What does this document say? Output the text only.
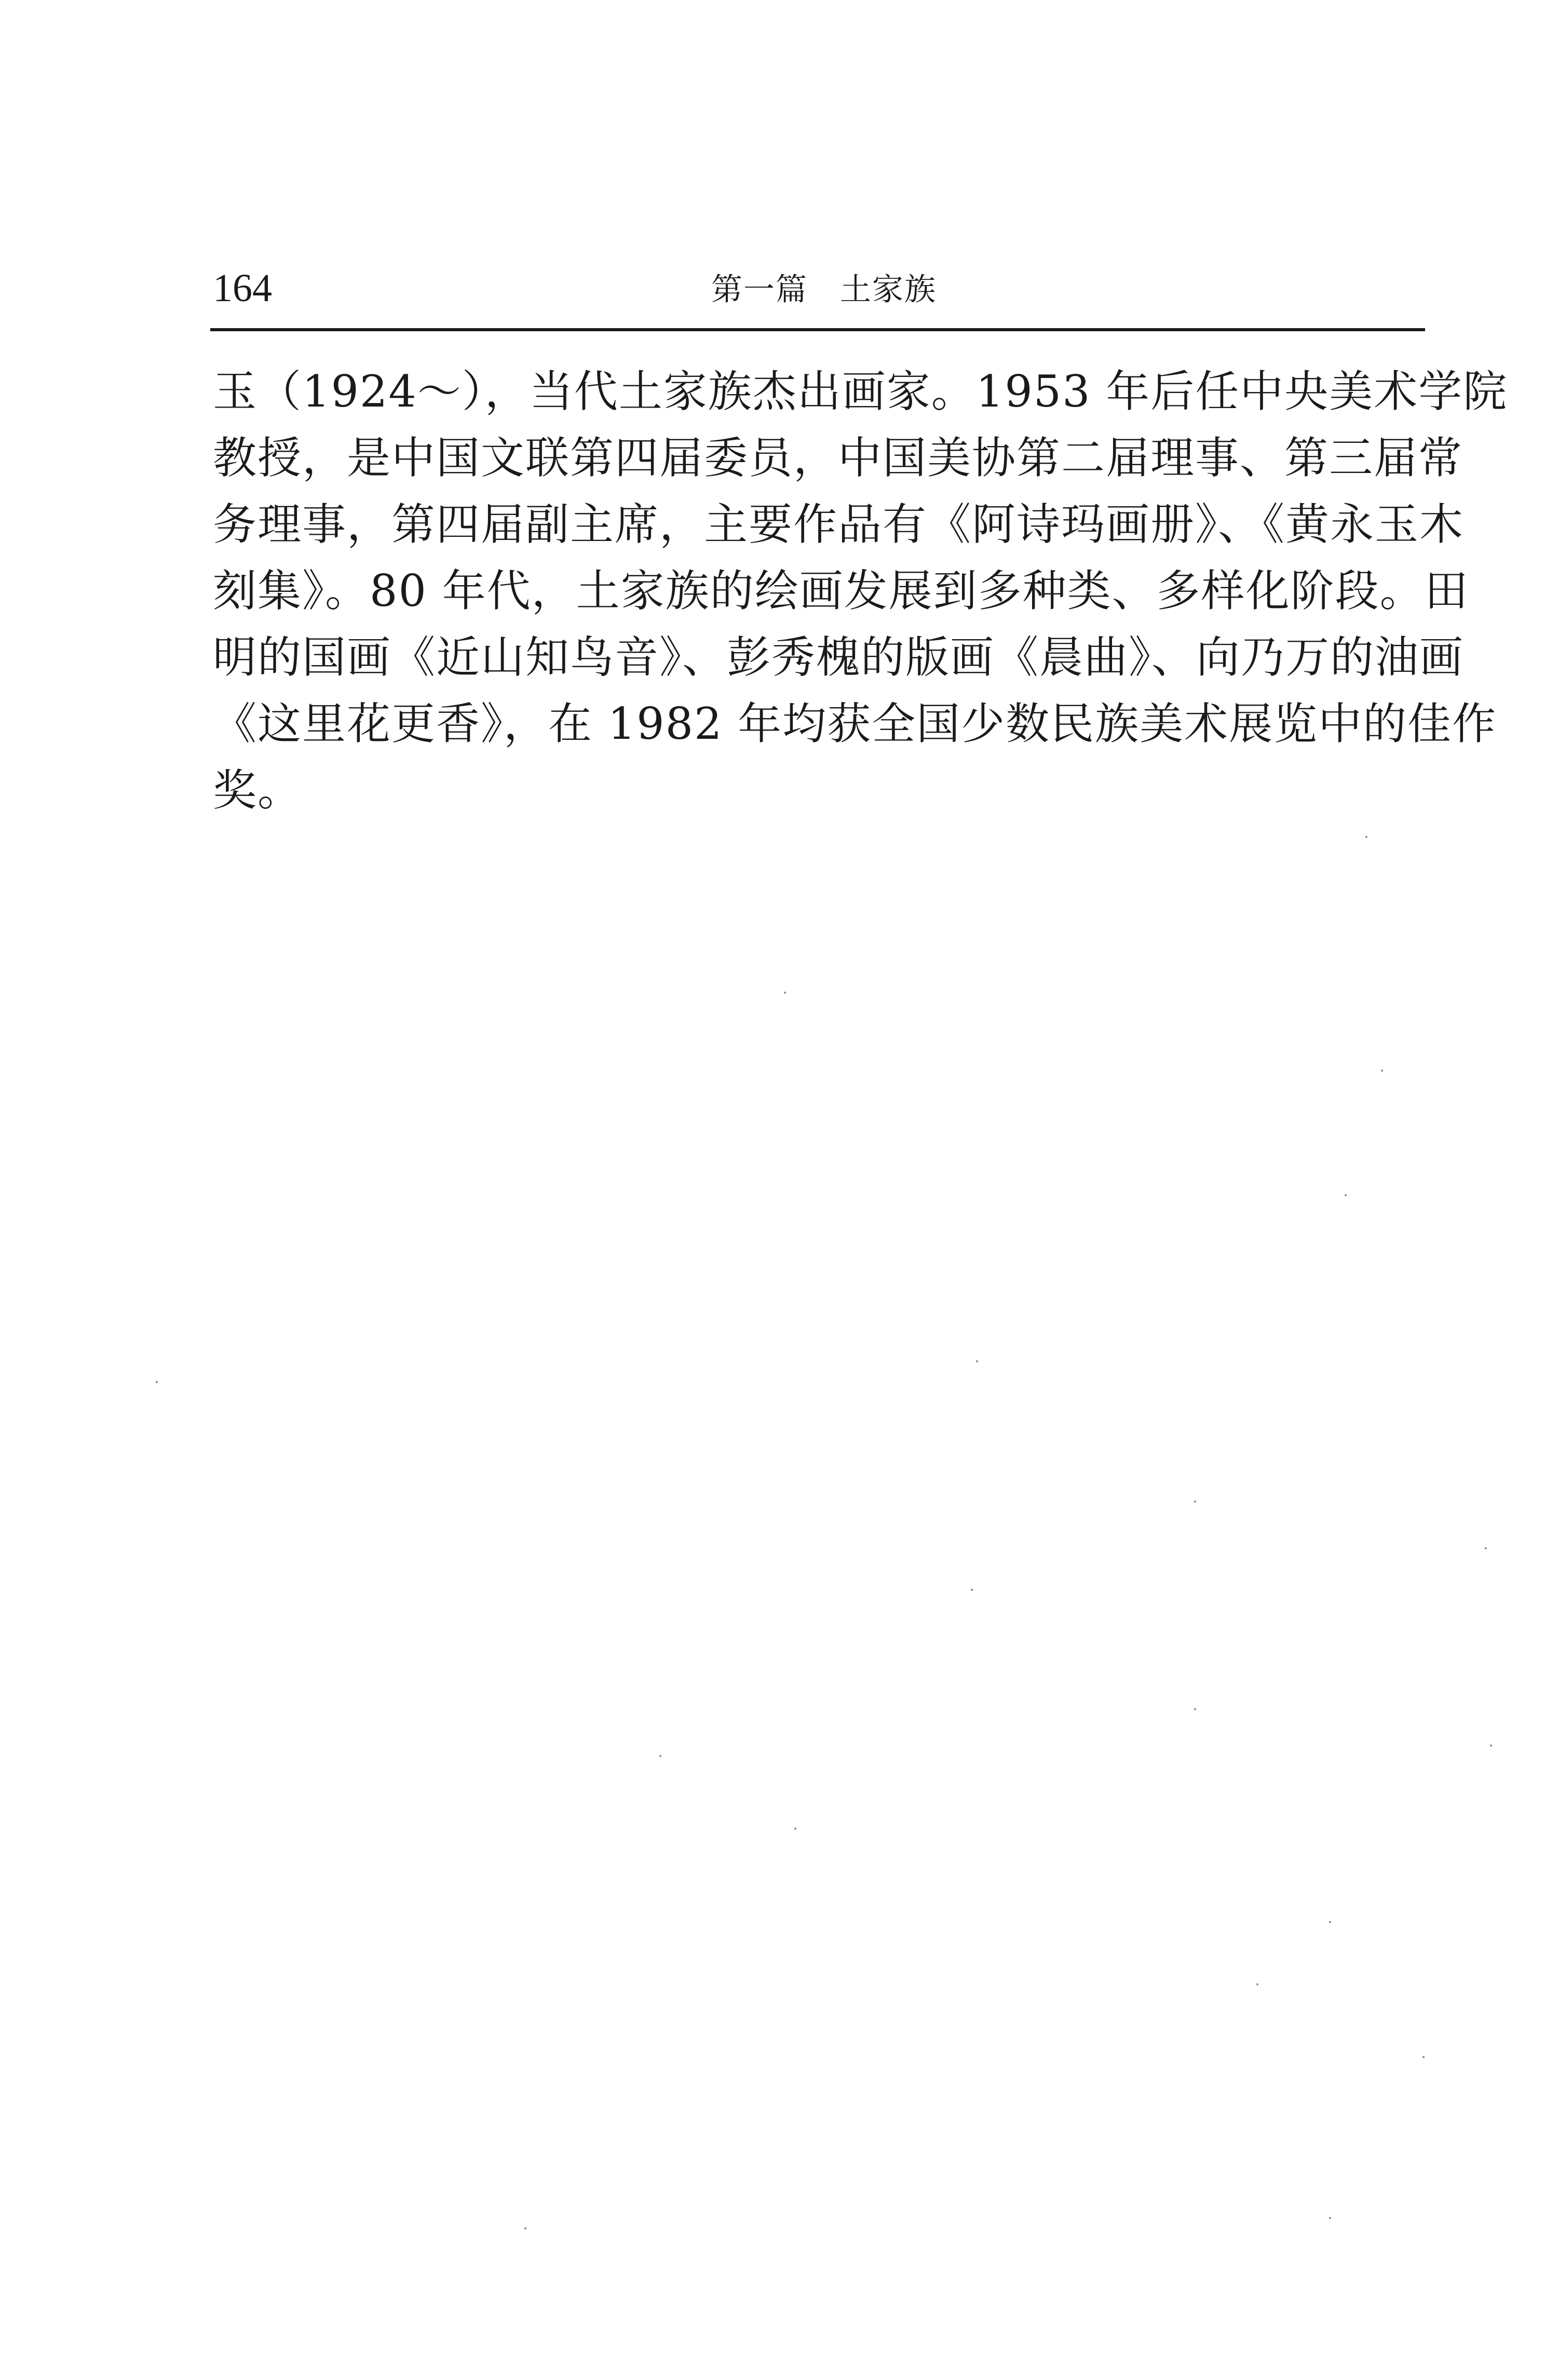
164	第一篇　土家族

玉（1924～），当代土家族杰出画家。1953 年后任中央美术学院
教授，是中国文联第四届委员，中国美协第二届理事、第三届常
务理事，第四届副主席，主要作品有《阿诗玛画册》、《黄永玉木
刻集》。80 年代，土家族的绘画发展到多种类、多样化阶段。田
明的国画《近山知鸟音》、彭秀槐的版画《晨曲》、向乃万的油画
《这里花更香》，在 1982 年均获全国少数民族美术展览中的佳作
奖。
